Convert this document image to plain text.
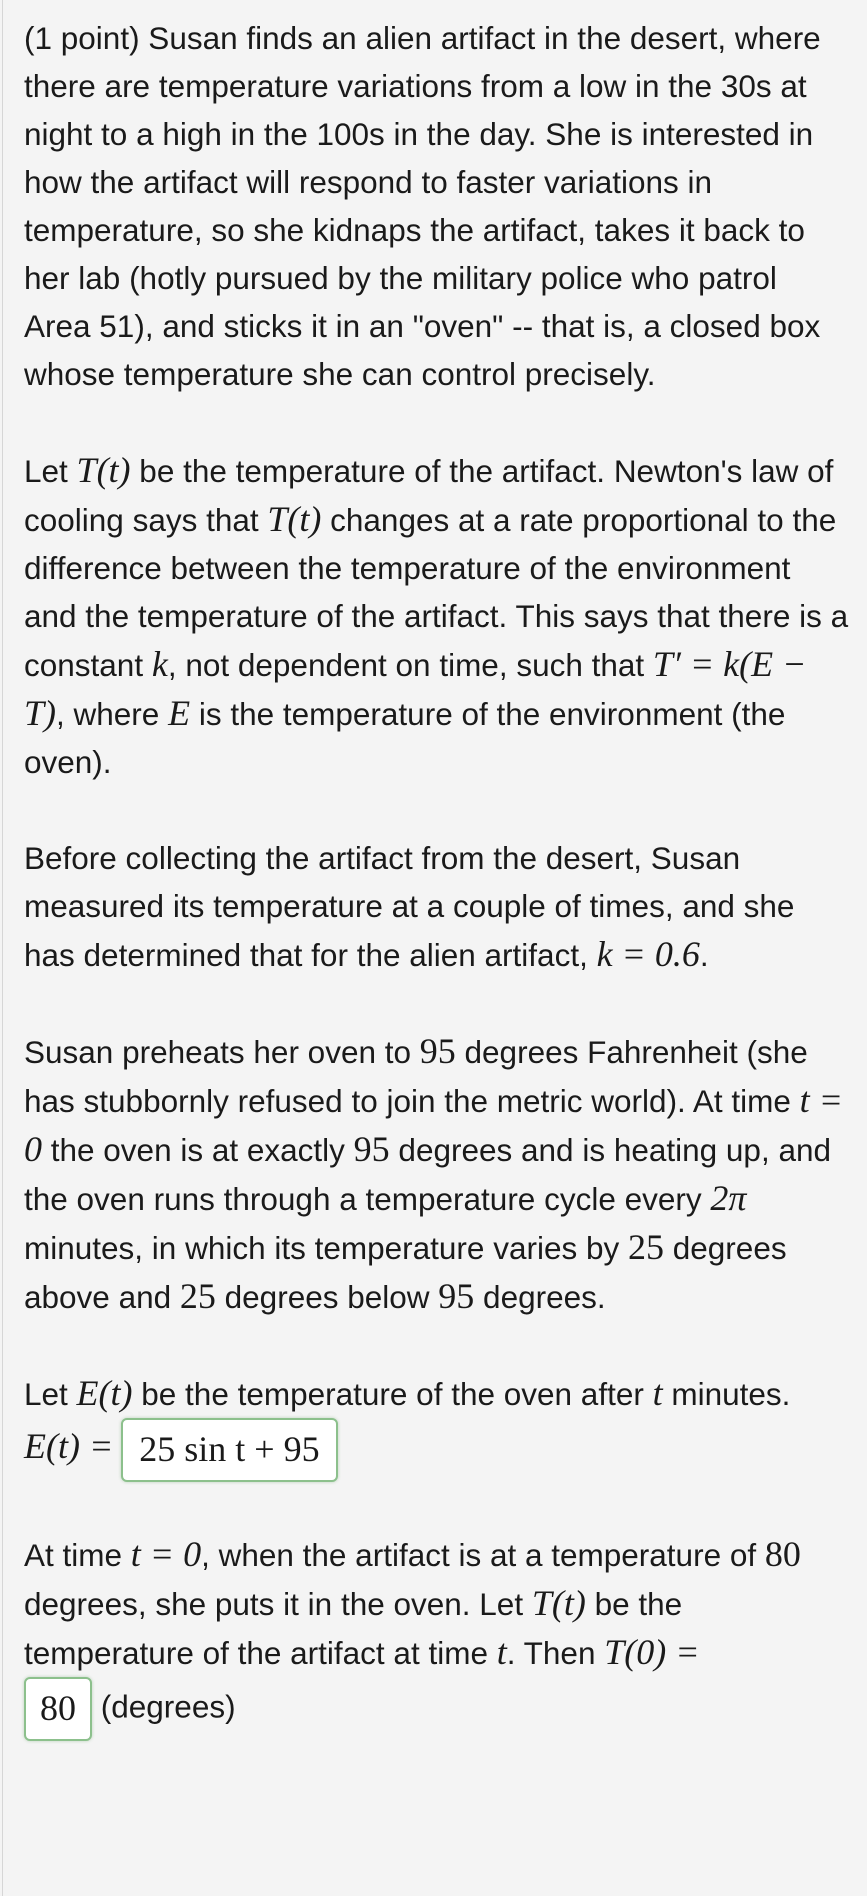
(1 point) Susan finds an alien artifact in the desert, where there are temperature variations from a low in the 30s at night to a high in the 100s in the day. She is interested in how the artifact will respond to faster variations in temperature, so she kidnaps the artifact, takes it back to her lab (hotly pursued by the military police who patrol Area 51), and sticks it in an "oven" -- that is, a closed box whose temperature she can control precisely.

Let T(t) be the temperature of the artifact. Newton's law of cooling says that T(t) changes at a rate proportional to the difference between the temperature of the environment and the temperature of the artifact. This says that there is a constant k, not dependent on time, such that T′ = k(E − T), where E is the temperature of the environment (the oven).

Before collecting the artifact from the desert, Susan measured its temperature at a couple of times, and she has determined that for the alien artifact, k = 0.6.

Susan preheats her oven to 95 degrees Fahrenheit (she has stubbornly refused to join the metric world). At time t = 0 the oven is at exactly 95 degrees and is heating up, and the oven runs through a temperature cycle every 2π minutes, in which its temperature varies by 25 degrees above and 25 degrees below 95 degrees.

Let E(t) be the temperature of the oven after t minutes.
E(t) = 25 sin t + 95

At time t = 0, when the artifact is at a temperature of 80 degrees, she puts it in the oven. Let T(t) be the temperature of the artifact at time t. Then T(0) =
80 (degrees)
